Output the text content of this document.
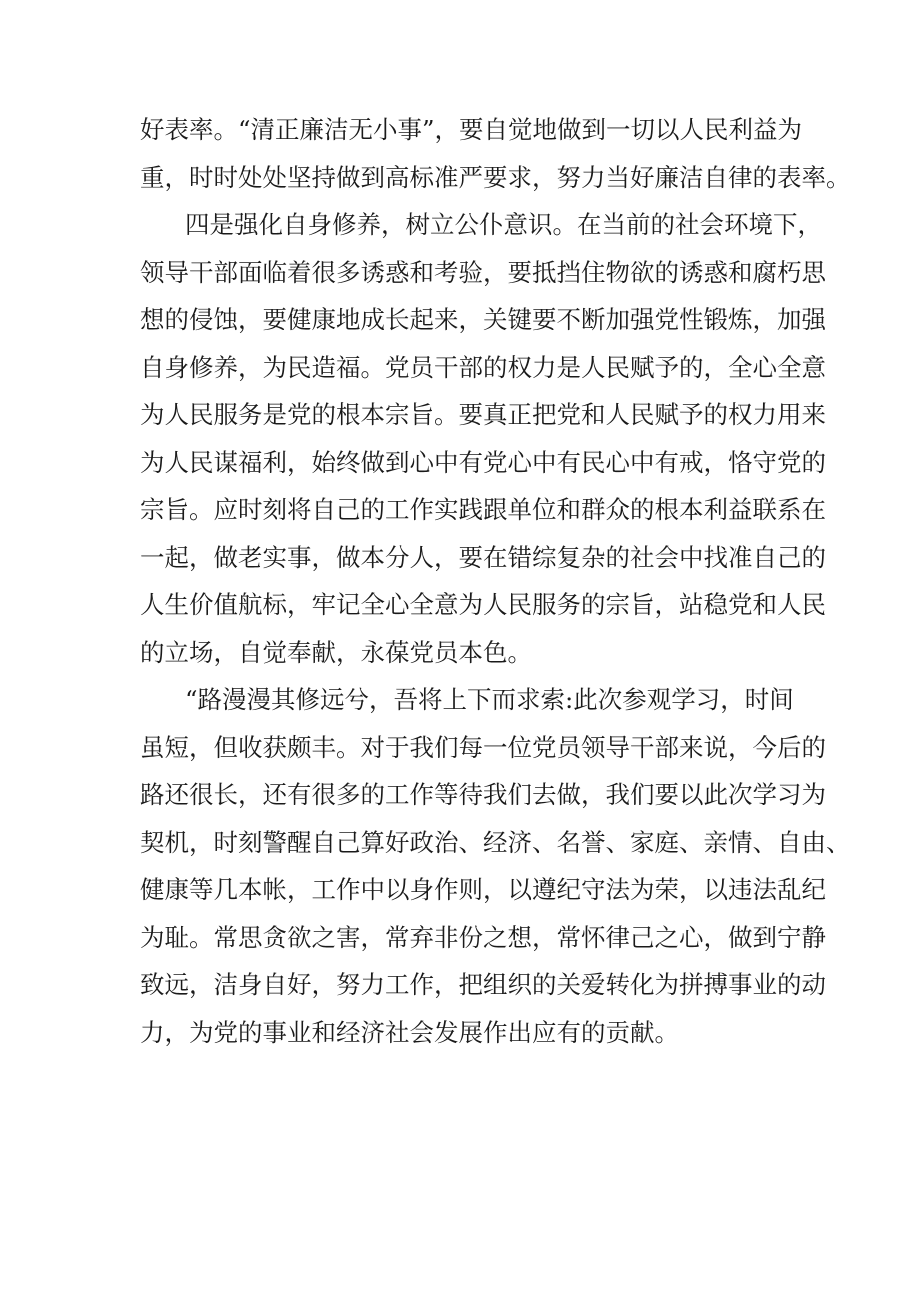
好表率。“清正廉洁无小事”，要自觉地做到一切以人民利益为
重，时时处处坚持做到高标准严要求，努力当好廉洁自律的表率。
四是强化自身修养，树立公仆意识。在当前的社会环境下，
领导干部面临着很多诱惑和考验，要抵挡住物欲的诱惑和腐朽思
想的侵蚀，要健康地成长起来，关键要不断加强党性锻炼，加强
自身修养，为民造福。党员干部的权力是人民赋予的，全心全意
为人民服务是党的根本宗旨。要真正把党和人民赋予的权力用来
为人民谋福利，始终做到心中有党心中有民心中有戒，恪守党的
宗旨。应时刻将自己的工作实践跟单位和群众的根本利益联系在
一起，做老实事，做本分人，要在错综复杂的社会中找准自己的
人生价值航标，牢记全心全意为人民服务的宗旨，站稳党和人民
的立场，自觉奉献，永葆党员本色。
“路漫漫其修远兮，吾将上下而求索:此次参观学习，时间
虽短，但收获颇丰。对于我们每一位党员领导干部来说，今后的
路还很长，还有很多的工作等待我们去做，我们要以此次学习为
契机，时刻警醒自己算好政治、经济、名誉、家庭、亲情、自由、
健康等几本帐，工作中以身作则，以遵纪守法为荣，以违法乱纪
为耻。常思贪欲之害，常弃非份之想，常怀律己之心，做到宁静
致远，洁身自好，努力工作，把组织的关爱转化为拼搏事业的动
力，为党的事业和经济社会发展作出应有的贡献。
